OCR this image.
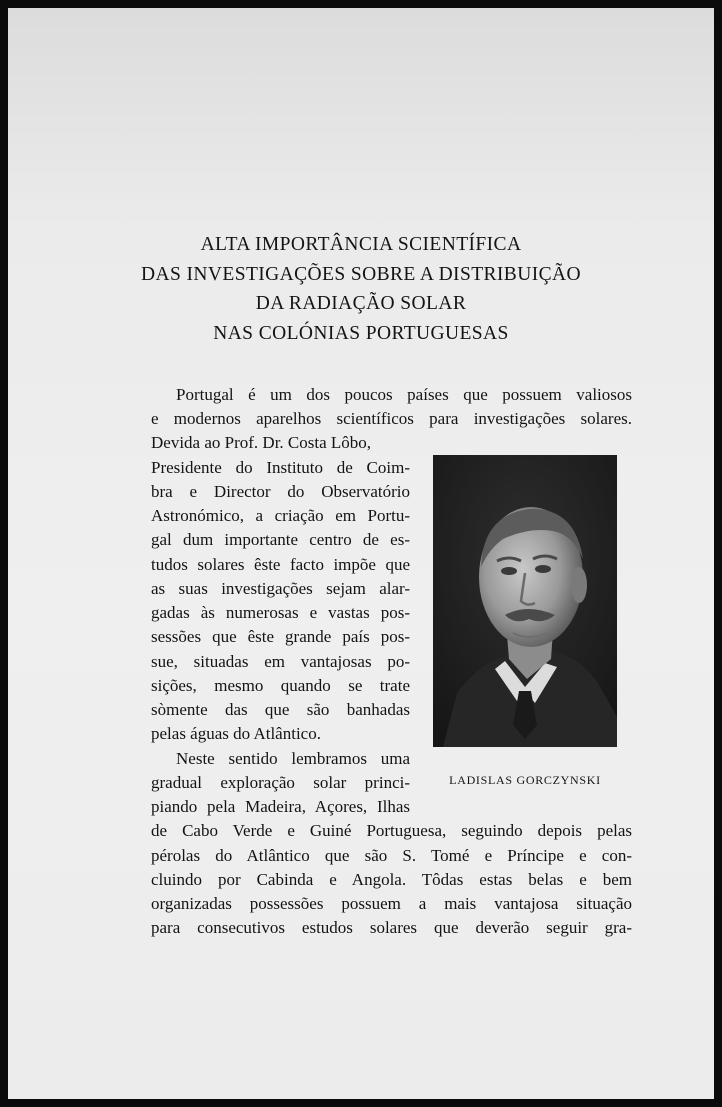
ALTA IMPORTÂNCIA SCIENTÍFICA
DAS INVESTIGAÇÕES SOBRE A DISTRIBUIÇÃO
DA RADIAÇÃO SOLAR
NAS COLÓNIAS PORTUGUESAS
Portugal é um dos poucos países que possuem valiosos
e modernos aparelhos scientíficos para investigações solares.
Devida ao Prof. Dr. Costa Lôbo,
Presidente do Instituto de Coim-
bra e Director do Observatório
Astronómico, a criação em Portu-
gal dum importante centro de es-
tudos solares êste facto impõe que
as suas investigações sejam alar-
gadas às numerosas e vastas pos-
sessões que êste grande país pos-
sue, situadas em vantajosas po-
sições, mesmo quando se trate
sòmente das que são banhadas
pelas águas do Atlântico.
Neste sentido lembramos uma
gradual exploração solar princi-
piando pela Madeira, Açores, Ilhas
de Cabo Verde e Guiné Portuguesa, seguindo depois pelas
pérolas do Atlântico que são S. Tomé e Príncipe e con-
cluindo por Cabinda e Angola. Tôdas estas belas e bem
organizadas possessões possuem a mais vantajosa situação
para consecutivos estudos solares que deverão seguir gra-
LADISLAS GORCZYNSKI
